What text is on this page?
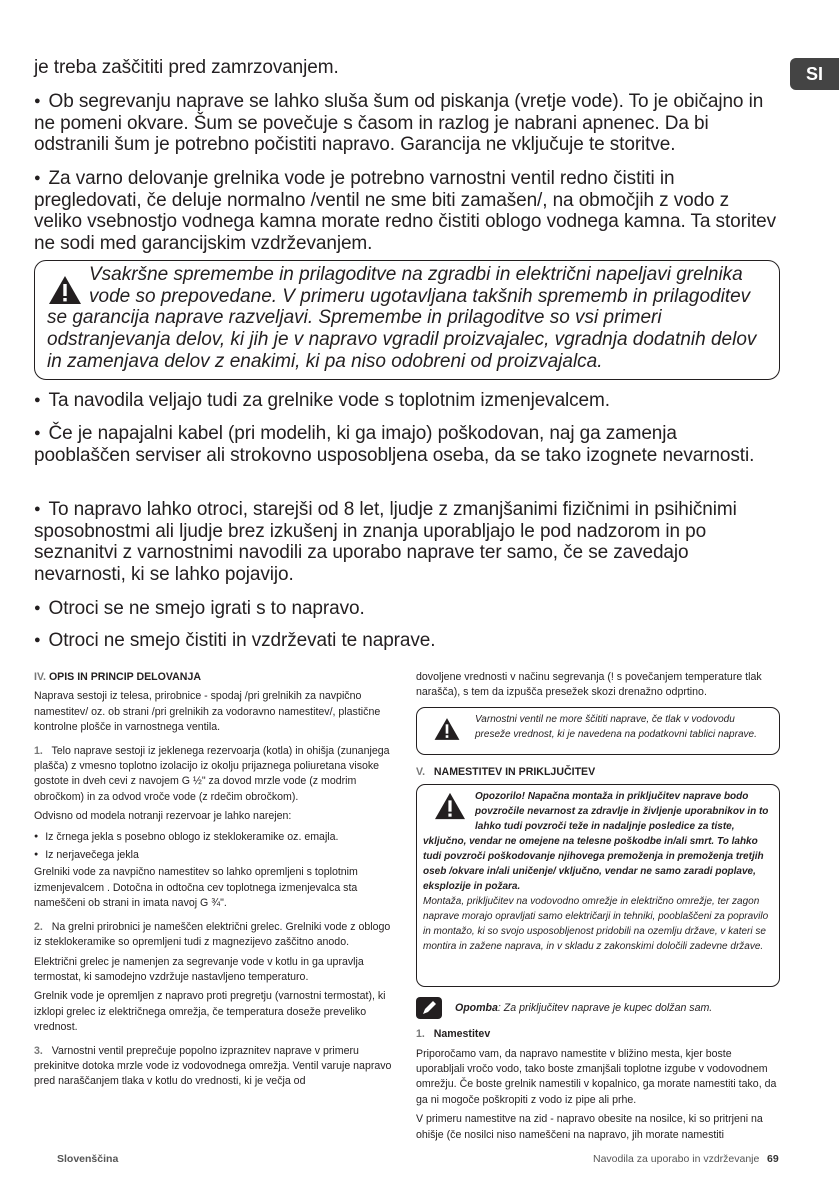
SI
je treba zaščititi pred zamrzovanjem.
● Ob segrevanju naprave se lahko sluša šum od piskanja (vretje vode). To je običajno in ne pomeni okvare. Šum se povečuje s časom in razlog je nabrani apnenec. Da bi odstranili šum je potrebno počistiti napravo. Garancija ne vključuje te storitve.
● Za varno delovanje grelnika vode je potrebno varnostni ventil redno čistiti in pregledovati, če deluje normalno /ventil ne sme biti zamašen/, na območjih z vodo z veliko vsebnostjo vodnega kamna morate redno čistiti oblogo vodnega kamna. Ta storitev ne sodi med garancijskim vzdrževanjem.
Vsakršne spremembe in prilagoditve na zgradbi in električni napeljavi grelnika vode so prepovedane. V primeru ugotavljana takšnih sprememb in prilagoditev se garancija naprave razveljavi. Spremembe in prilagoditve so vsi primeri odstranjevanja delov, ki jih je v napravo vgradil proizvajalec, vgradnja dodatnih delov in zamenjava delov z enakimi, ki pa niso odobreni od proizvajalca.
● Ta navodila veljajo tudi za grelnike vode s toplotnim izmenjevalcem.
● Če je napajalni kabel (pri modelih, ki ga imajo) poškodovan, naj ga zamenja pooblaščen serviser ali strokovno usposobljena oseba, da se tako izognete nevarnosti.
● To napravo lahko otroci, starejši od 8 let, ljudje z zmanjšanimi fizičnimi in psihičnimi sposobnostmi ali ljudje brez izkušenj in znanja uporabljajo le pod nadzorom in po seznanitvi z varnostnimi navodili za uporabo naprave ter samo, če se zavedajo nevarnosti, ki se lahko pojavijo.
● Otroci se ne smejo igrati s to napravo.
● Otroci ne smejo čistiti in vzdrževati te naprave.

IV. OPIS IN PRINCIP DELOVANJA

Naprava sestoji iz telesa, prirobnice - spodaj /pri grelnikih za navpično namestitev/ oz. ob strani /pri grelnikih za vodoravno namestitev/, plastične kontrolne plošče in varnostnega ventila.

1. Telo naprave sestoji iz jeklenega rezervoarja (kotla) in ohišja (zunanjega plašča) z vmesno toplotno izolacijo iz okolju prijaznega poliuretana visoke gostote in dveh cevi z navojem G ½" za dovod mrzle vode (z modrim obročkom) in za odvod vroče vode (z rdečim obročkom).

Odvisno od modela notranji rezervoar je lahko narejen:

● Iz črnega jekla s posebno oblogo iz steklokeramike oz. emajla.

● Iz nerjavečega jekla

Grelniki vode za navpično namestitev so lahko opremljeni s toplotnim izmenjevalcem . Dotočna in odtočna cev toplotnega izmenjevalca sta nameščeni ob strani in imata navoj G ¾".

2. Na grelni prirobnici je nameščen električni grelec. Grelniki vode z oblogo iz steklokeramike so opremljeni tudi z magnezijevo zaščitno anodo.

Električni grelec je namenjen za segrevanje vode v kotlu in ga upravlja termostat, ki samodejno vzdržuje nastavljeno temperaturo.

Grelnik vode je opremljen z napravo proti pregretju (varnostni termostat), ki izklopi grelec iz električnega omrežja, če temperatura doseže preveliko vrednost.

3. Varnostni ventil preprečuje popolno izpraznitev naprave v primeru prekinitve dotoka mrzle vode iz vodovodnega omrežja. Ventil varuje napravo pred naraščanjem tlaka v kotlu do vrednosti, ki je večja od

dovoljene vrednosti v načinu segrevanja (! s povečanjem temperature tlak narašča), s tem da izpušča presežek skozi drenažno odprtino.

Varnostni ventil ne more ščititi naprave, če tlak v vodovodu preseže vrednost, ki je navedena na podatkovni tablici naprave.

V. NAMESTITEV IN PRIKLJUČITEV

Opozorilo! Napačna montaža in priključitev naprave bodo povzročile nevarnost za zdravlje in življenje uporabnikov in to lahko tudi povzroči teže in nadaljnje posledice za tiste, vključno, vendar ne omejene na telesne poškodbe in/ali smrt. To lahko tudi povzroči poškodovanje njihovega premoženja in premoženja tretjih oseb /okvare in/ali uničenje/ vključno, vendar ne samo zaradi poplave, eksplozije in požara.
Montaža, priključitev na vodovodno omrežje in električno omrežje, ter zagon naprave morajo opravljati samo električarji in tehniki, pooblaščeni za popravilo in montažo, ki so svojo usposobljenost pridobili na ozemlju države, v kateri se montira in zažene naprava, in v skladu z zakonskimi določili zadevne države.

Opomba: Za priključitev naprave je kupec dolžan sam.

1. Namestitev

Priporočamo vam, da napravo namestite v bližino mesta, kjer boste uporabljali vročo vodo, tako boste zmanjšali toplotne izgube v vodovodnem omrežju. Če boste grelnik namestili v kopalnico, ga morate namestiti tako, da ga ni mogoče poškropiti z vodo iz pipe ali prhe.

V primeru namestitve na zid - napravo obesite na nosilce, ki so pritrjeni na ohišje (če nosilci niso nameščeni na napravo, jih morate namestiti

Slovenščina	Navodila za uporabo in vzdrževanje 69
